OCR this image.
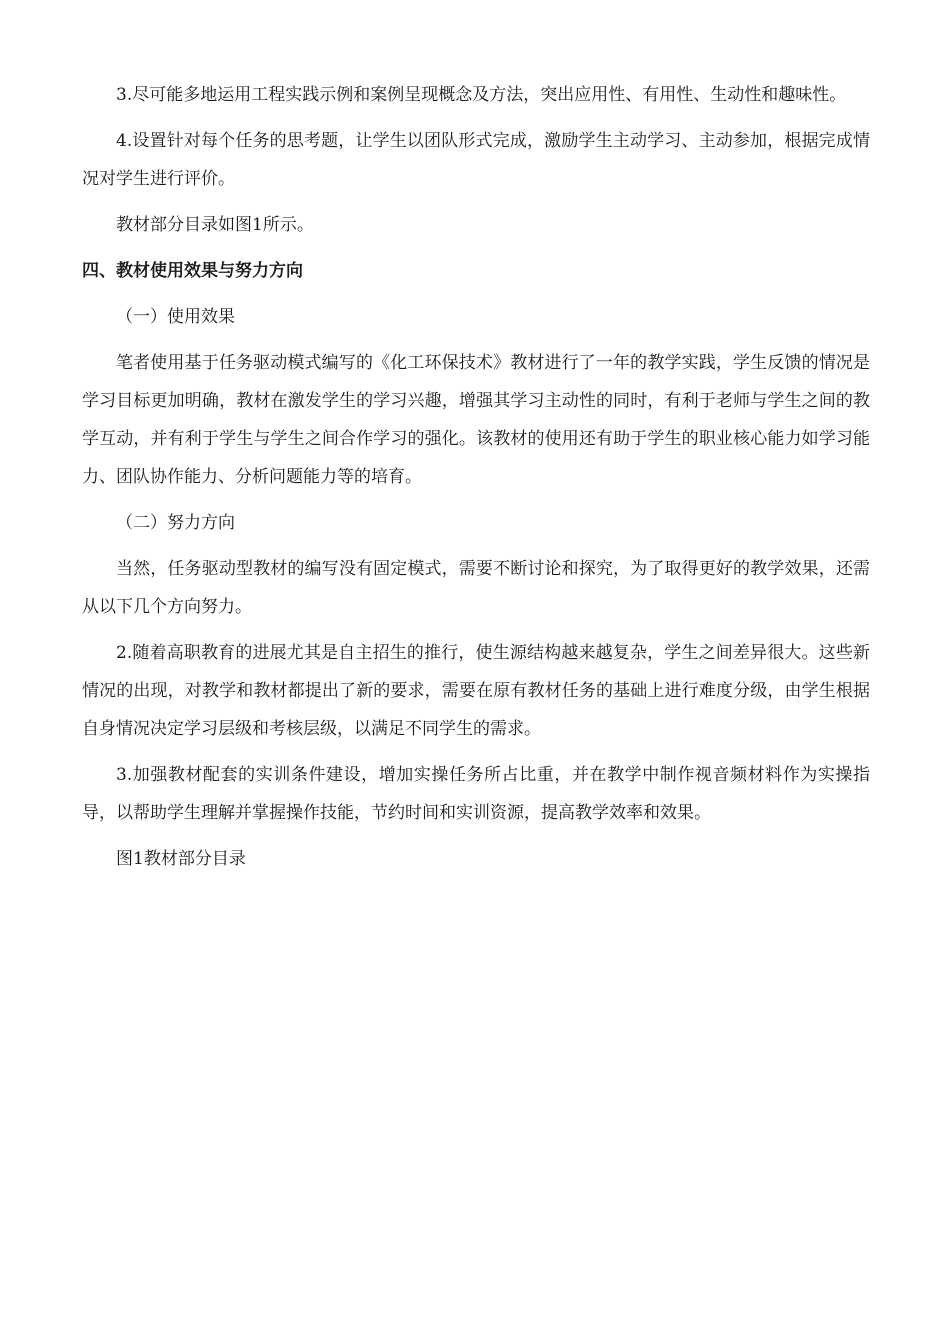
3.尽可能多地运用工程实践示例和案例呈现概念及方法，突出应用性、有用性、生动性和趣味性。

4.设置针对每个任务的思考题，让学生以团队形式完成，激励学生主动学习、主动参加，根据完成情况对学生进行评价。

教材部分目录如图1所示。

四、教材使用效果与努力方向

（一）使用效果

笔者使用基于任务驱动模式编写的《化工环保技术》教材进行了一年的教学实践，学生反馈的情况是学习目标更加明确，教材在激发学生的学习兴趣，增强其学习主动性的同时，有利于老师与学生之间的教学互动，并有利于学生与学生之间合作学习的强化。该教材的使用还有助于学生的职业核心能力如学习能力、团队协作能力、分析问题能力等的培育。

（二）努力方向

当然，任务驱动型教材的编写没有固定模式，需要不断讨论和探究，为了取得更好的教学效果，还需从以下几个方向努力。

2.随着高职教育的进展尤其是自主招生的推行，使生源结构越来越复杂，学生之间差异很大。这些新情况的出现，对教学和教材都提出了新的要求，需要在原有教材任务的基础上进行难度分级，由学生根据自身情况决定学习层级和考核层级，以满足不同学生的需求。

3.加强教材配套的实训条件建设，增加实操任务所占比重，并在教学中制作视音频材料作为实操指导，以帮助学生理解并掌握操作技能，节约时间和实训资源，提高教学效率和效果。

图1教材部分目录
